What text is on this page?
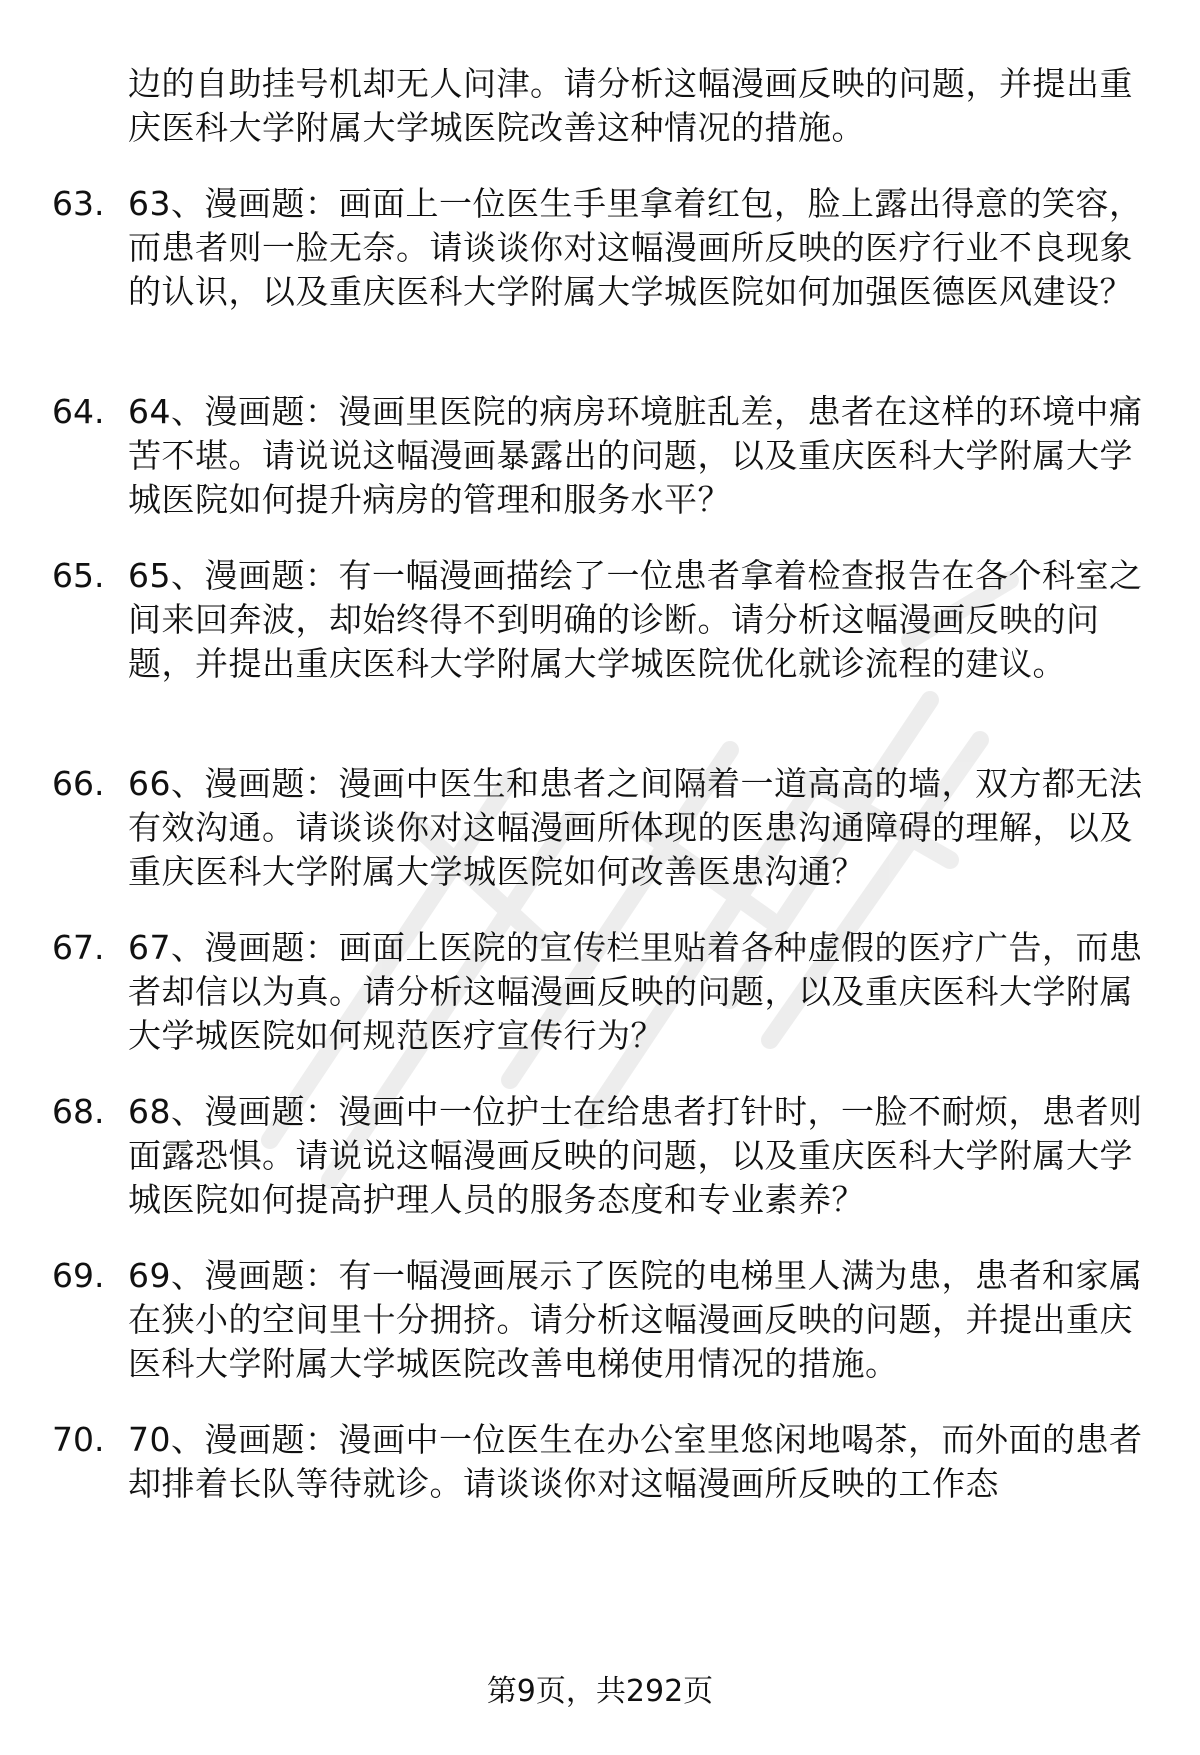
边的自助挂号机却无人问津。请分析这幅漫画反映的问题，并提出重庆医科大学附属大学城医院改善这种情况的措施。

63. 63、漫画题：画面上一位医生手里拿着红包，脸上露出得意的笑容，而患者则一脸无奈。请谈谈你对这幅漫画所反映的医疗行业不良现象的认识，以及重庆医科大学附属大学城医院如何加强医德医风建设？

64. 64、漫画题：漫画里医院的病房环境脏乱差，患者在这样的环境中痛苦不堪。请说说这幅漫画暴露出的问题，以及重庆医科大学附属大学城医院如何提升病房的管理和服务水平？

65. 65、漫画题：有一幅漫画描绘了一位患者拿着检查报告在各个科室之间来回奔波，却始终得不到明确的诊断。请分析这幅漫画反映的问题，并提出重庆医科大学附属大学城医院优化就诊流程的建议。

66. 66、漫画题：漫画中医生和患者之间隔着一道高高的墙，双方都无法有效沟通。请谈谈你对这幅漫画所体现的医患沟通障碍的理解，以及重庆医科大学附属大学城医院如何改善医患沟通？

67. 67、漫画题：画面上医院的宣传栏里贴着各种虚假的医疗广告，而患者却信以为真。请分析这幅漫画反映的问题，以及重庆医科大学附属大学城医院如何规范医疗宣传行为？

68. 68、漫画题：漫画中一位护士在给患者打针时，一脸不耐烦，患者则面露恐惧。请说说这幅漫画反映的问题，以及重庆医科大学附属大学城医院如何提高护理人员的服务态度和专业素养？

69. 69、漫画题：有一幅漫画展示了医院的电梯里人满为患，患者和家属在狭小的空间里十分拥挤。请分析这幅漫画反映的问题，并提出重庆医科大学附属大学城医院改善电梯使用情况的措施。

70. 70、漫画题：漫画中一位医生在办公室里悠闲地喝茶，而外面的患者却排着长队等待就诊。请谈谈你对这幅漫画所反映的工作态

第9页，共292页
